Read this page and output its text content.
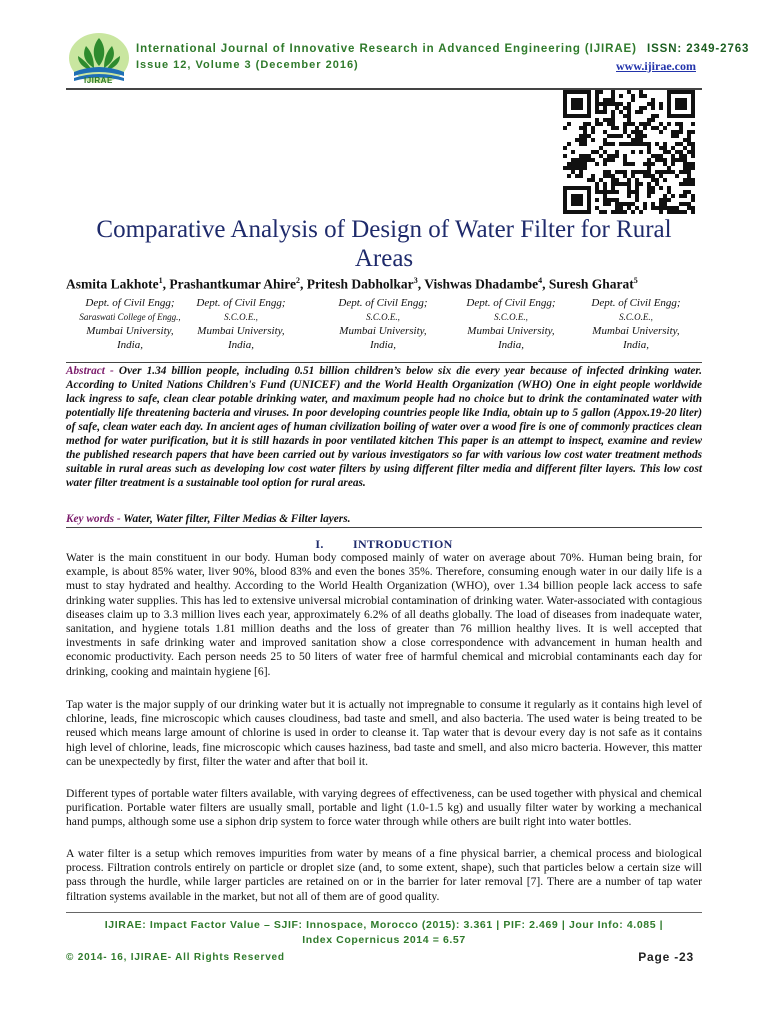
IJIRAE
International Journal of Innovative Research in Advanced Engineering (IJIRAE) ISSN: 2349-2763
Issue 12, Volume 3 (December 2016)	www.ijirae.com
Comparative Analysis of Design of Water Filter for Rural Areas
Asmita Lakhote$^1$, Prashantkumar Ahire$^2$, Pritesh Dabholkar$^3$, Vishwas Dhadambe$^4$, Suresh Gharat$^5$
Dept. of Civil Engg;
Saraswati College of Engg.,
Mumbai University,
India,
Dept. of Civil Engg;
S.C.O.E.,
Mumbai University,
India,
Dept. of Civil Engg;
S.C.O.E.,
Mumbai University,
India,
Dept. of Civil Engg;
S.C.O.E.,
Mumbai University,
India,
Dept. of Civil Engg;
S.C.O.E.,
Mumbai University,
India,
Abstract - Over 1.34 billion people, including 0.51 billion children’s below six die every year because of infected drinking water. According to United Nations Children's Fund (UNICEF) and the World Health Organization (WHO) One in eight people worldwide lack ingress to safe, clean clear potable drinking water, and maximum people had no choice but to drink the contaminated water with potentially life threatening bacteria and viruses. In poor developing countries people like India, obtain up to 5 gallon (Appox.19-20 liter) of safe, clean water each day. In ancient ages of human civilization boiling of water over a wood fire is one of commonly practices clean method for water purification, but it is still hazards in poor ventilated kitchen This paper is an attempt to inspect, examine and review the published research papers that have been carried out by various investigators so far with various low cost water treatment methods suitable in rural areas such as developing low cost water filters by using different filter media and different filter layers. This low cost water filter treatment is a sustainable tool option for rural areas.
Key words - Water, Water filter, Filter Medias & Filter layers.
I. INTRODUCTION

Water is the main constituent in our body. Human body composed mainly of water on average about 70%. Human being brain, for example, is about 85% water, liver 90%, blood 83% and even the bones 35%. Therefore, consuming enough water in our daily life is a must to stay hydrated and healthy. According to the World Health Organization (WHO), over 1.34 billion people lack access to safe drinking water supplies. This has led to extensive universal microbial contamination of drinking water. Water-associated with contagious diseases claim up to 3.3 million lives each year, approximately 6.2% of all deaths globally. The load of diseases from inadequate water, sanitation, and hygiene totals 1.81 million deaths and the loss of greater than 76 million healthy lives. It is well accepted that investments in safe drinking water and improved sanitation show a close correspondence with advancement in human health and economic productivity. Each person needs 25 to 50 liters of water free of harmful chemical and microbial contaminants each day for drinking, cooking and maintain hygiene [6].

Tap water is the major supply of our drinking water but it is actually not impregnable to consume it regularly as it contains high level of chlorine, leads, fine microscopic which causes cloudiness, bad taste and smell, and also bacteria. The used water is being treated to be reused which means large amount of chlorine is used in order to cleanse it. Tap water that is devour every day is not safe as it contains high level of chlorine, leads, fine microscopic which causes haziness, bad taste and smell, and also micro bacteria. However, this matter can be unexpectedly by first, filter the water and after that boil it.

Different types of portable water filters available, with varying degrees of effectiveness, can be used together with physical and chemical purification. Portable water filters are usually small, portable and light (1.0-1.5 kg) and usually filter water by working a mechanical hand pumps, although some use a siphon drip system to force water through while others are built right into water bottles.

A water filter is a setup which removes impurities from water by means of a fine physical barrier, a chemical process and biological process. Filtration controls entirely on particle or droplet size (and, to some extent, shape), such that particles below a certain size will pass through the hurdle, while larger particles are retained on or in the barrier for later removal [7]. There are a number of tap water filtration systems available in the market, but not all of them are of good quality.

IJIRAE: Impact Factor Value – SJIF: Innospace, Morocco (2015): 3.361 | PIF: 2.469 | Jour Info: 4.085 |
Index Copernicus 2014 = 6.57
© 2014- 16, IJIRAE- All Rights Reserved	Page -23
